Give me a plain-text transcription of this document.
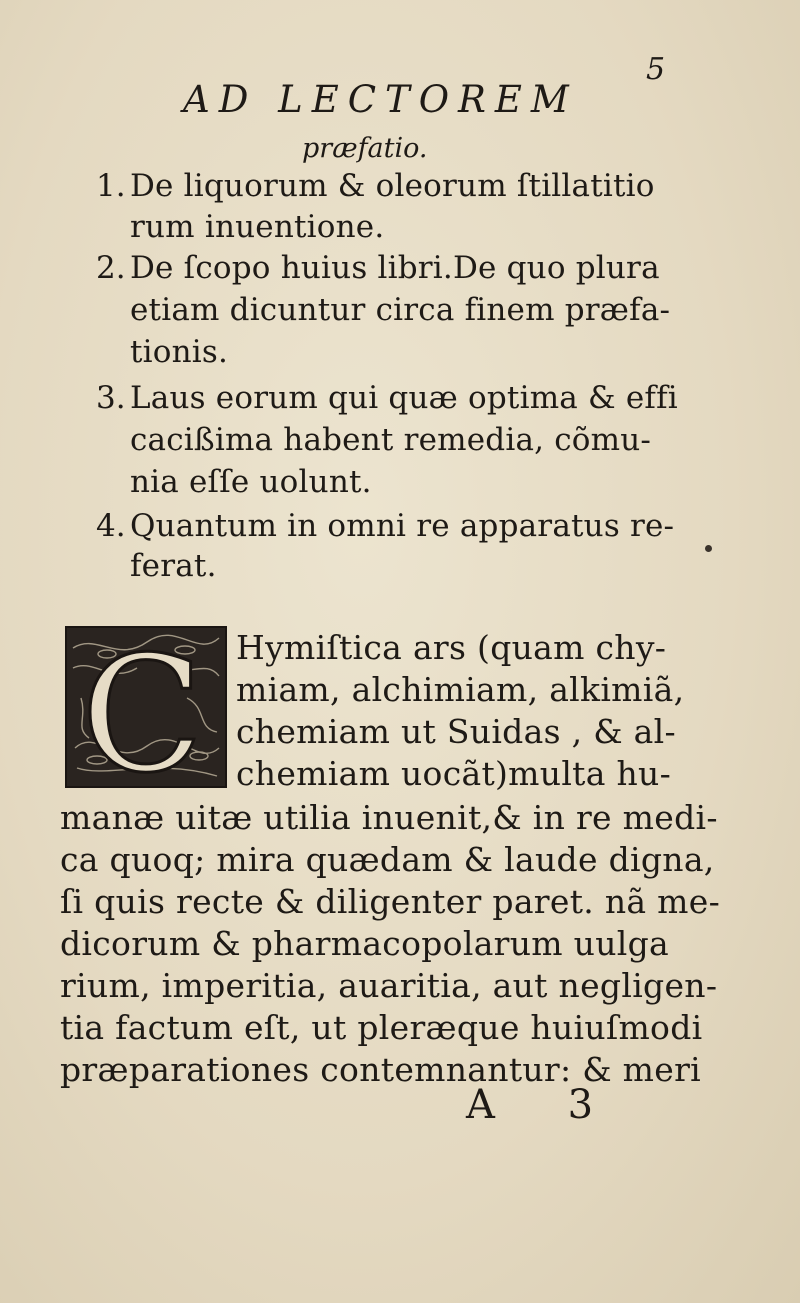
5
AD LECTOREM
præfatio.
1. De liquorum & oleorum ſtillatitio
rum inuentione.
2. De ſcopo huius libri.De quo plura
etiam dicuntur circa finem præfa-
tionis.
3. Laus eorum qui quæ optima & effi
cacißima habent remedia, cõmu-
nia eſſe uolunt.
4. Quantum in omni re apparatus re-
ferat.
C Hymiſtica ars (quam chy-
miam, alchimiam, alkimiã,
chemiam ut Suidas , & al-
chemiam uocãt)multa hu-
manæ uitæ utilia inuenit,& in re medi-
ca quoq; mira quædam & laude digna,
ſi quis recte & diligenter paret. nã me-
dicorum & pharmacopolarum uulga
rium, imperitia, auaritia, aut negligen-
tia factum eſt, ut pleræque huiuſmodi
præparationes contemnantur: & meri
A 3
